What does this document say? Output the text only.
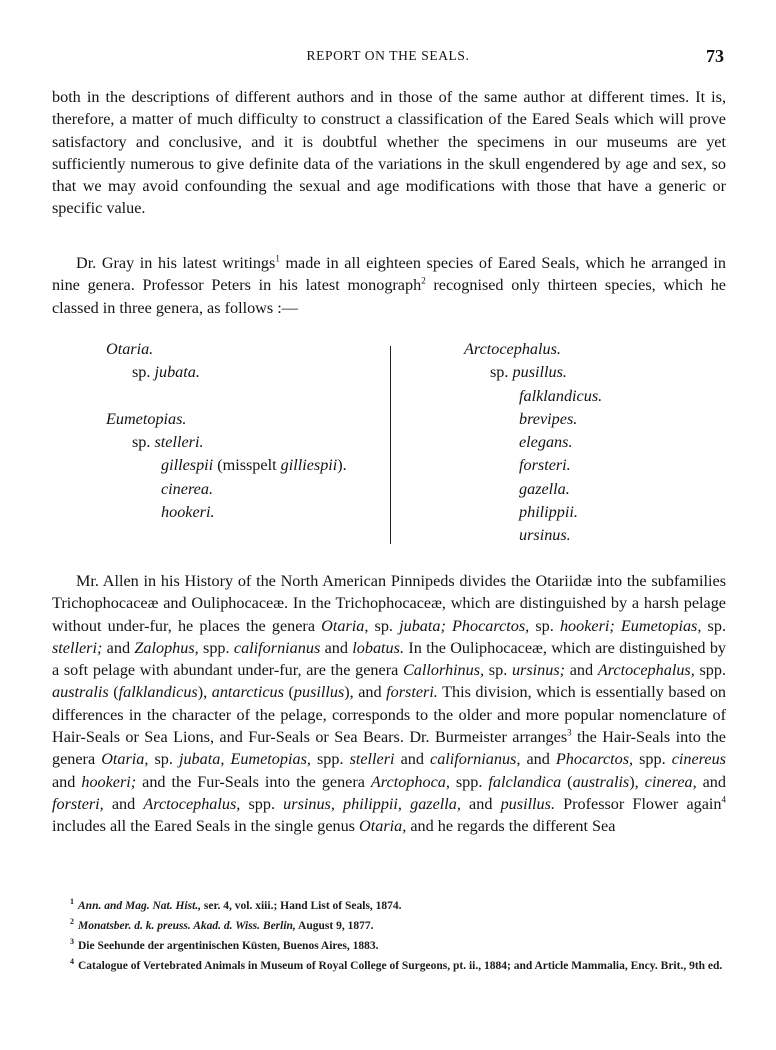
REPORT ON THE SEALS.	73

both in the descriptions of different authors and in those of the same author at different times. It is, therefore, a matter of much difficulty to construct a classification of the Eared Seals which will prove satisfactory and conclusive, and it is doubtful whether the specimens in our museums are yet sufficiently numerous to give definite data of the variations in the skull engendered by age and sex, so that we may avoid confounding the sexual and age modifications with those that have a generic or specific value.

Dr. Gray in his latest writings$^1$ made in all eighteen species of Eared Seals, which he arranged in nine genera. Professor Peters in his latest monograph$^2$ recognised only thirteen species, which he classed in three genera, as follows :—

Otaria.
sp. jubata.
Eumetopias.
sp. stelleri.
gillespii (misspelt gilliespii).
cinerea.
hookeri.
Arctocephalus.
sp. pusillus.
falklandicus.
brevipes.
elegans.
forsteri.
gazella.
philippii.
ursinus.

Mr. Allen in his History of the North American Pinnipeds divides the Otariidæ into the subfamilies Trichophocaceæ and Ouliphocaceæ. In the Trichophocaceæ, which are distinguished by a harsh pelage without under-fur, he places the genera Otaria, sp. jubata; Phocarctos, sp. hookeri; Eumetopias, sp. stelleri; and Zalophus, spp. californianus and lobatus. In the Ouliphocaceæ, which are distinguished by a soft pelage with abundant under-fur, are the genera Callorhinus, sp. ursinus; and Arctocephalus, spp. australis (falklandicus), antarcticus (pusillus), and forsteri. This division, which is essentially based on differences in the character of the pelage, corresponds to the older and more popular nomenclature of Hair-Seals or Sea Lions, and Fur-Seals or Sea Bears. Dr. Burmeister arranges$^3$ the Hair-Seals into the genera Otaria, sp. jubata, Eumetopias, spp. stelleri and californianus, and Phocarctos, spp. cinereus and hookeri; and the Fur-Seals into the genera Arctophoca, spp. falclandica (australis), cinerea, and forsteri, and Arctocephalus, spp. ursinus, philippii, gazella, and pusillus. Professor Flower again$^4$ includes all the Eared Seals in the single genus Otaria, and he regards the different Sea

$^1$ Ann. and Mag. Nat. Hist., ser. 4, vol. xiii.; Hand List of Seals, 1874.

$^2$ Monatsber. d. k. preuss. Akad. d. Wiss. Berlin, August 9, 1877.

$^3$ Die Seehunde der argentinischen Küsten, Buenos Aires, 1883.

$^4$ Catalogue of Vertebrated Animals in Museum of Royal College of Surgeons, pt. ii., 1884; and Article Mammalia, Ency. Brit., 9th ed.
